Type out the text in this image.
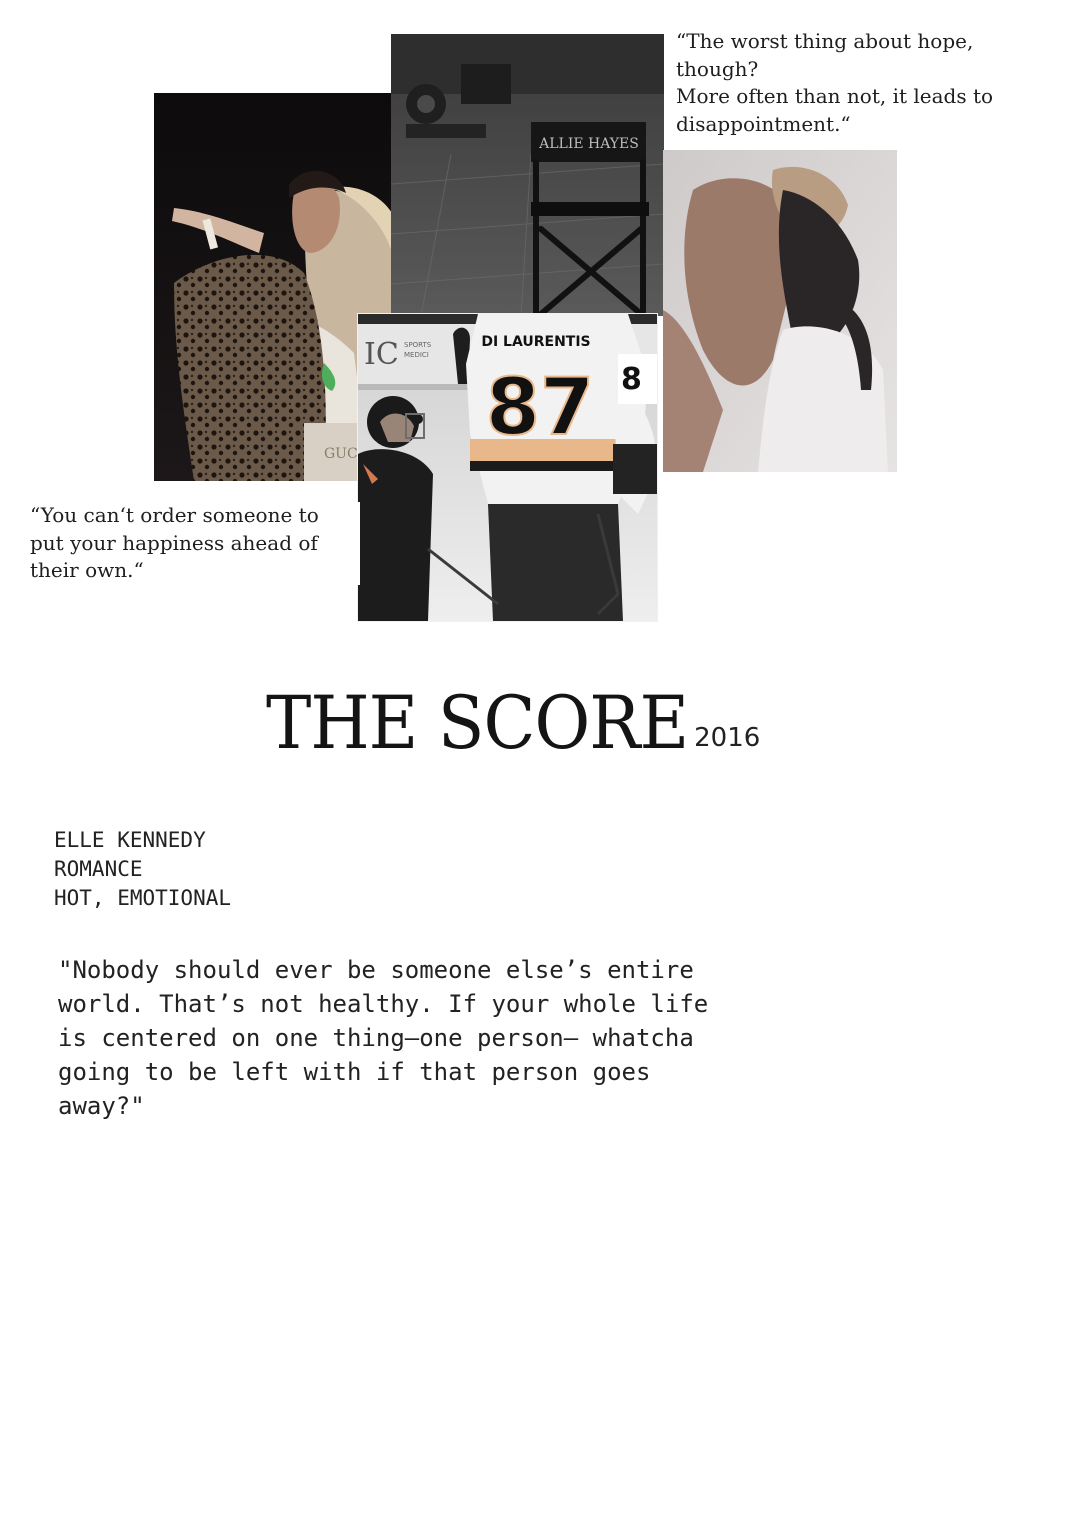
GUC
ALLIE HAYES
IC SPORTS
MEDICI
8
DI LAURENTIS
87

“The worst thing about hope,
though?
More often than not, it leads to
disappointment.“

“You can‘t order someone to
put your happiness ahead of
their own.“

THE SCORE 2016
ELLE KENNEDY
ROMANCE
HOT, EMOTIONAL

"Nobody should ever be someone else’s entire
world. That’s not healthy. If your whole life
is centered on one thing—one person— whatcha
going to be left with if that person goes
away?"
